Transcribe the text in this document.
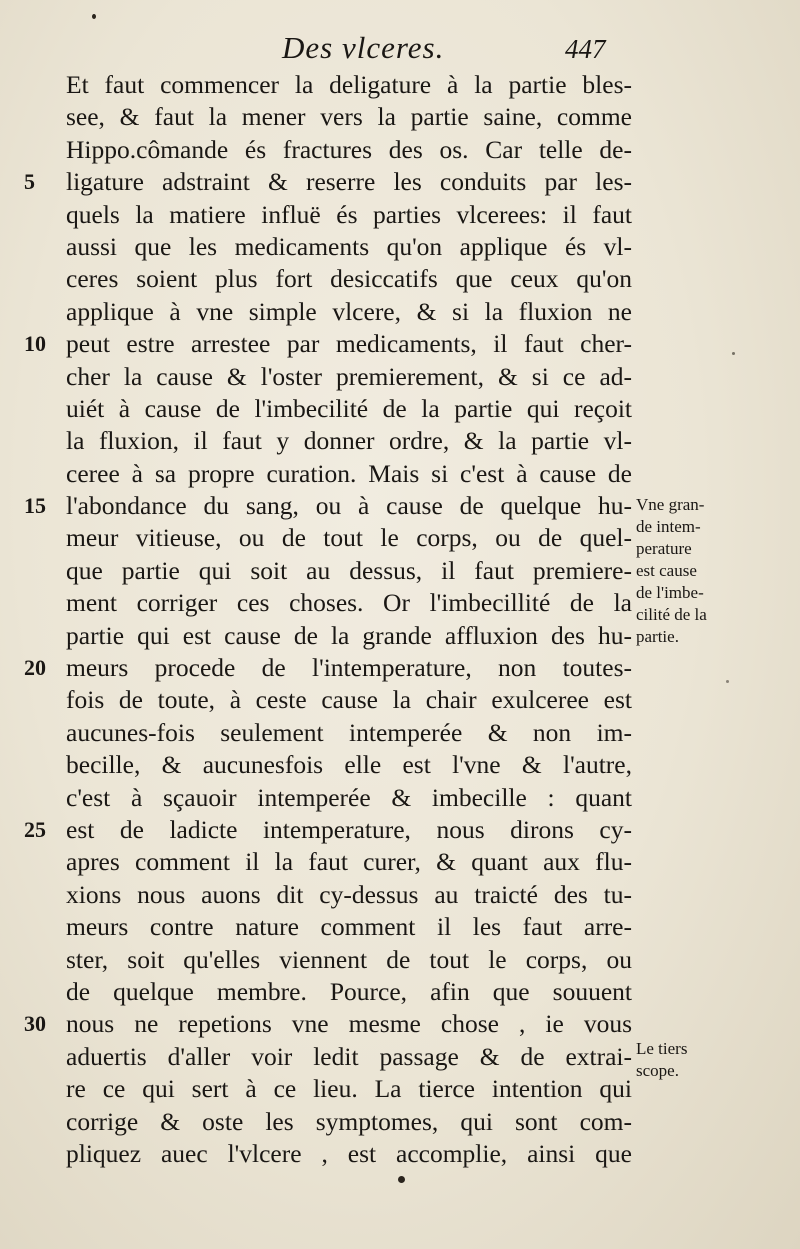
Des vlceres.	447
5
10
15
20
25
30
Et faut commencer la deligature à la partie bles-
see, & faut la mener vers la partie saine, comme
Hippo.cômande és fractures des os. Car telle de-
ligature adstraint & reserre les conduits par les-
quels la matiere influë és parties vlcerees: il faut
aussi que les medicaments qu'on applique és vl-
ceres soient plus fort desiccatifs que ceux qu'on
applique à vne simple vlcere, & si la fluxion ne
peut estre arrestee par medicaments, il faut cher-
cher la cause & l'oster premierement, & si ce ad-
uiét à cause de l'imbecilité de la partie qui reçoit
la fluxion, il faut y donner ordre, & la partie vl-
ceree à sa propre curation. Mais si c'est à cause de
l'abondance du sang, ou à cause de quelque hu-
meur vitieuse, ou de tout le corps, ou de quel-
que partie qui soit au dessus, il faut premiere-
ment corriger ces choses. Or l'imbecillité de la
partie qui est cause de la grande affluxion des hu-
meurs procede de l'intemperature, non toutes-
fois de toute, à ceste cause la chair exulceree est
aucunes-fois seulement intemperée & non im-
becille, & aucunesfois elle est l'vne & l'autre,
c'est à sçauoir intemperée & imbecille : quant
est de ladicte intemperature, nous dirons cy-
apres comment il la faut curer, & quant aux flu-
xions nous auons dit cy-dessus au traicté des tu-
meurs contre nature comment il les faut arre-
ster, soit qu'elles viennent de tout le corps, ou
de quelque membre. Pource, afin que souuent
nous ne repetions vne mesme chose , ie vous
aduertis d'aller voir ledit passage & de extrai-
re ce qui sert à ce lieu. La tierce intention qui
corrige & oste les symptomes, qui sont com-
pliquez auec l'vlcere , est accomplie, ainsi que
Vne gran-
de intem-
perature
est cause
de l'imbe-
cilité de la
partie.
Le tiers
scope.
